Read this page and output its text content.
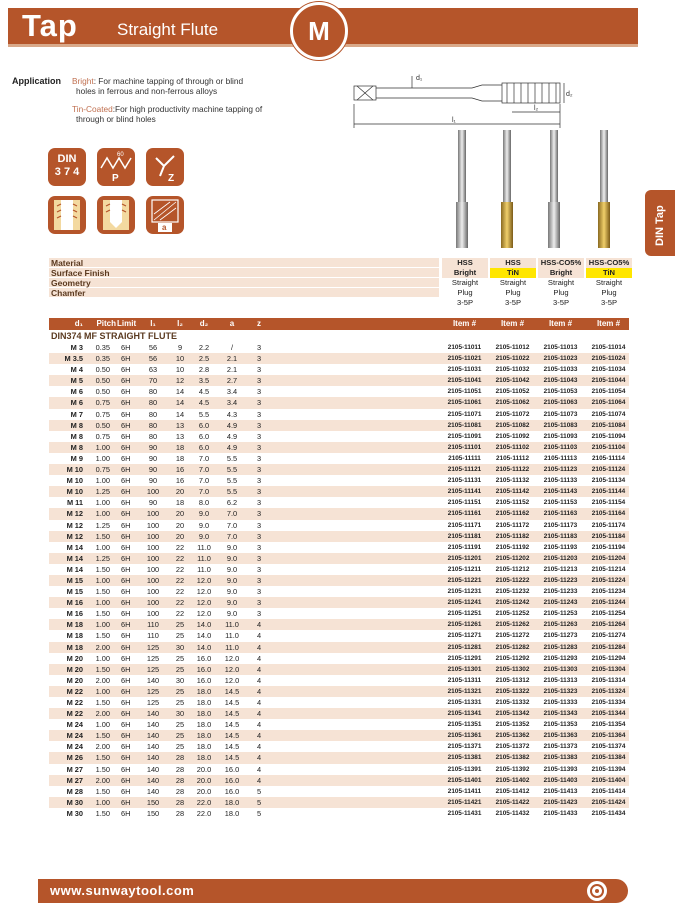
Tap Straight Flute	M
Application Bright: For machine tapping of through or blind
holes in ferrous and non-ferrous alloys
Tin-Coated:For high productivity machine tapping of
through or blind holes
d₁
d₂
l₁
l₂
DIN
3 7 4
60
P	Z
a	DIN Tap
Material	HSS	HSS	HSS-CO5% HSS-CO5%
Surface Finish	Bright	TiN	Bright	TiN
Geometry	Straight	Straight	Straight	Straight
Chamfer	Plug	Plug	Plug	Plug
3-5P	3-5P	3-5P	3-5P
d₁	Pitch Limit	l₁	l₂	d₂	a	z	Item #	Item #	Item #	Item #
DIN374 MF STRAIGHT FLUTE
M 3	0.35 6H	56	9	2.2	/	3	2105-11011	2105-11012	2105-11013	2105-11014
M 3.5	0.35 6H	56	10	2.5	2.1	3	2105-11021	2105-11022	2105-11023	2105-11024
M 4	0.50 6H	63	10	2.8	2.1	3	2105-11031	2105-11032	2105-11033	2105-11034
M 5	0.50 6H	70	12	3.5	2.7	3	2105-11041	2105-11042	2105-11043	2105-11044
M 6	0.50 6H	80	14	4.5	3.4	3	2105-11051	2105-11052	2105-11053	2105-11054
M 6	0.75 6H	80	14	4.5	3.4	3	2105-11061	2105-11062	2105-11063	2105-11064
M 7	0.75 6H	80	14	5.5	4.3	3	2105-11071	2105-11072	2105-11073	2105-11074
M 8	0.50 6H	80	13	6.0	4.9	3	2105-11081	2105-11082	2105-11083	2105-11084
M 8	0.75 6H	80	13	6.0	4.9	3	2105-11091	2105-11092	2105-11093	2105-11094
M 8	1.00 6H	90	18	6.0	4.9	3	2105-11101	2105-11102	2105-11103	2105-11104
M 9	1.00 6H	90	18	7.0	5.5	3	2105-11111	2105-11112	2105-11113	2105-11114
M 10	0.75 6H	90	16	7.0	5.5	3	2105-11121	2105-11122	2105-11123	2105-11124
M 10	1.00 6H	90	16	7.0	5.5	3	2105-11131	2105-11132	2105-11133	2105-11134
M 10	1.25 6H 100 20	7.0	5.5	3	2105-11141	2105-11142	2105-11143	2105-11144
M 11	1.00 6H	90	18	8.0	6.2	3	2105-11151	2105-11152	2105-11153	2105-11154
M 12	1.00 6H 100 20	9.0	7.0	3	2105-11161	2105-11162	2105-11163	2105-11164
M 12	1.25 6H 100 20	9.0	7.0	3	2105-11171	2105-11172	2105-11173	2105-11174
M 12	1.50 6H 100 20	9.0	7.0	3	2105-11181	2105-11182	2105-11183	2105-11184
M 14	1.00 6H 100 22 11.0	9.0	3	2105-11191	2105-11192	2105-11193	2105-11194
M 14	1.25 6H 100 22 11.0	9.0	3	2105-11201	2105-11202	2105-11203	2105-11204
M 14	1.50 6H 100 22 11.0	9.0	3	2105-11211	2105-11212	2105-11213	2105-11214
M 15	1.00 6H 100 22 12.0	9.0	3	2105-11221	2105-11222	2105-11223	2105-11224
M 15	1.50 6H 100 22 12.0	9.0	3	2105-11231	2105-11232	2105-11233	2105-11234
M 16	1.00 6H 100 22 12.0	9.0	3	2105-11241	2105-11242	2105-11243	2105-11244
M 16	1.50 6H 100 22 12.0	9.0	3	2105-11251	2105-11252	2105-11253	2105-11254
M 18	1.00 6H 110 25 14.0 11.0	4	2105-11261	2105-11262	2105-11263	2105-11264
M 18	1.50 6H 110 25 14.0 11.0	4	2105-11271	2105-11272	2105-11273	2105-11274
M 18	2.00 6H 125 30 14.0 11.0	4	2105-11281	2105-11282	2105-11283	2105-11284
M 20	1.00 6H 125 25 16.0 12.0	4	2105-11291	2105-11292	2105-11293	2105-11294
M 20	1.50 6H 125 25 16.0 12.0	4	2105-11301	2105-11302	2105-11303	2105-11304
M 20	2.00 6H 140 30 16.0 12.0	4	2105-11311	2105-11312	2105-11313	2105-11314
M 22	1.00 6H 125 25 18.0 14.5	4	2105-11321	2105-11322	2105-11323	2105-11324
M 22	1.50 6H 125 25 18.0 14.5	4	2105-11331	2105-11332	2105-11333	2105-11334
M 22	2.00 6H 140 30 18.0 14.5	4	2105-11341	2105-11342	2105-11343	2105-11344
M 24	1.00 6H 140 25 18.0 14.5	4	2105-11351	2105-11352	2105-11353	2105-11354
M 24	1.50 6H 140 25 18.0 14.5	4	2105-11361	2105-11362	2105-11363	2105-11364
M 24	2.00 6H 140 25 18.0 14.5	4	2105-11371	2105-11372	2105-11373	2105-11374
M 26	1.50 6H 140 28 18.0 14.5	4	2105-11381	2105-11382	2105-11383	2105-11384
M 27	1.50 6H 140 28 20.0 16.0	4	2105-11391	2105-11392	2105-11393	2105-11394
M 27	2.00 6H 140 28 20.0 16.0	4	2105-11401	2105-11402	2105-11403	2105-11404
M 28	1.50 6H 140 28 20.0 16.0	5	2105-11411	2105-11412	2105-11413	2105-11414
M 30	1.00 6H 150 28 22.0 18.0	5	2105-11421	2105-11422	2105-11423	2105-11424
M 30	1.50 6H 150 28 22.0 18.0	5	2105-11431	2105-11432	2105-11433	2105-11434
www.sunwaytool.com
